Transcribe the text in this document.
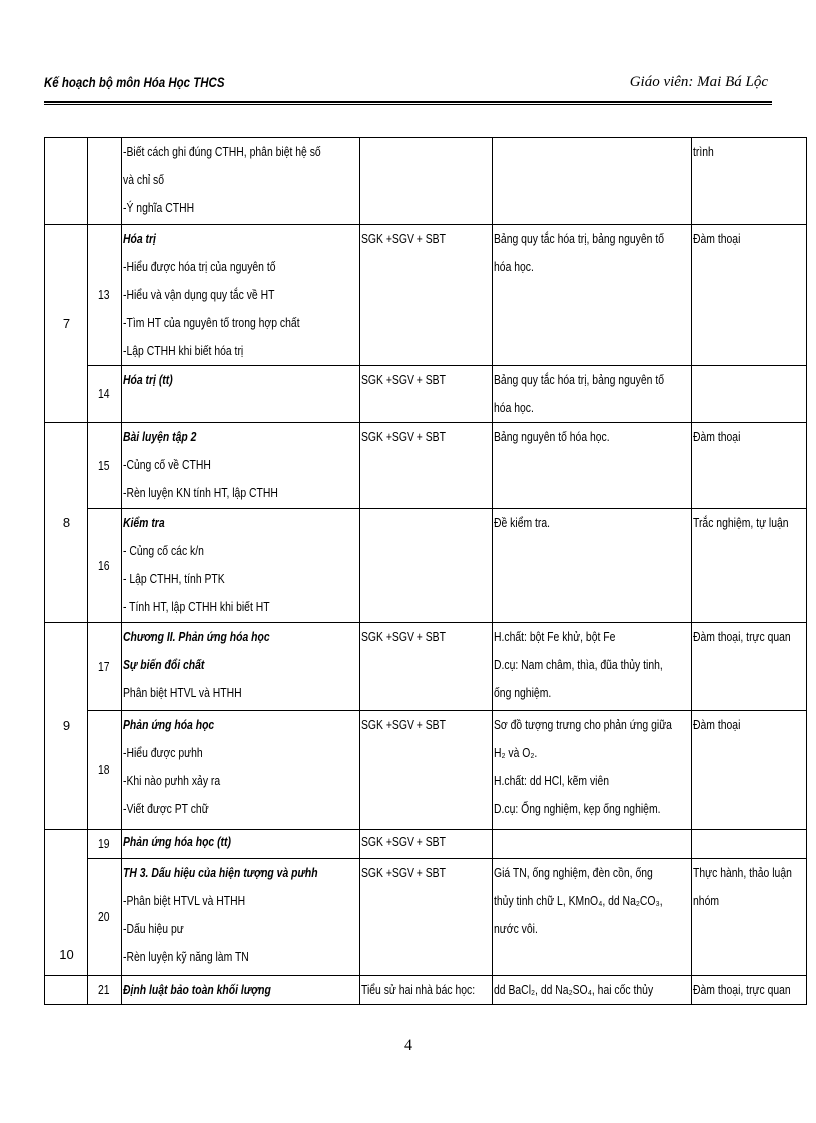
Kế hoạch bộ môn Hóa Học THCS	Giáo viên: Mai Bá Lộc

		-Biết cách ghi đúng CTHH, phân biệt hệ số
và chỉ số
-Ý nghĩa CTHH			trình
7	13	Hóa trị
-Hiểu được hóa trị của nguyên tố
-Hiểu và vận dụng quy tắc về HT
-Tìm HT của nguyên tố trong hợp chất
-Lập CTHH khi biết hóa trị	SGK +SGV + SBT	Bảng quy tắc hóa trị, bảng nguyên tố
hóa học.	Đàm thoại
	14	Hóa trị (tt)	SGK +SGV + SBT	Bảng quy tắc hóa trị, bảng nguyên tố
hóa học.	

8	15	Bài luyện tập 2
-Củng cố về CTHH
-Rèn luyện KN tính HT, lập CTHH	SGK +SGV + SBT	Bảng nguyên tố hóa học.	Đàm thoại
	16	Kiểm tra
- Củng cố các k/n
- Lập CTHH, tính PTK
- Tính HT, lập CTHH khi biết HT		Đề kiểm tra.	Trắc nghiệm, tự luận
9	17	Chương II. Phản ứng hóa học
Sự biến đổi chất
Phân biệt HTVL và HTHH	SGK +SGV + SBT	H.chất: bột Fe khử, bột Fe
D.cụ: Nam châm, thìa, đũa thủy tinh,
ống nghiệm.	Đàm thoại, trực quan
	18	Phản ứng hóa học
-Hiểu được pưhh
-Khi nào pưhh xảy ra
-Viết được PT chữ	SGK +SGV + SBT	Sơ đồ tượng trưng cho phản ứng giữa
H₂ và O₂.
H.chất: dd HCl, kẽm viên
D.cụ: Ống nghiệm, kẹp ống nghiệm.	Đàm thoại
10	19	Phản ứng hóa học (tt)	SGK +SGV + SBT		
	20	TH 3. Dấu hiệu của hiện tượng và pưhh
-Phân biệt HTVL và HTHH
-Dấu hiệu pư
-Rèn luyện kỹ năng làm TN	SGK +SGV + SBT	Giá TN, ống nghiệm, đèn cồn, ống
thủy tinh chữ L, KMnO₄, dd Na₂CO₃,
nước vôi.	Thực hành, thảo luận
nhóm

	21	Định luật bảo toàn khối lượng	Tiểu sử hai nhà bác học:	dd BaCl₂, dd Na₂SO₄, hai cốc thủy	Đàm thoại, trực quan
4
